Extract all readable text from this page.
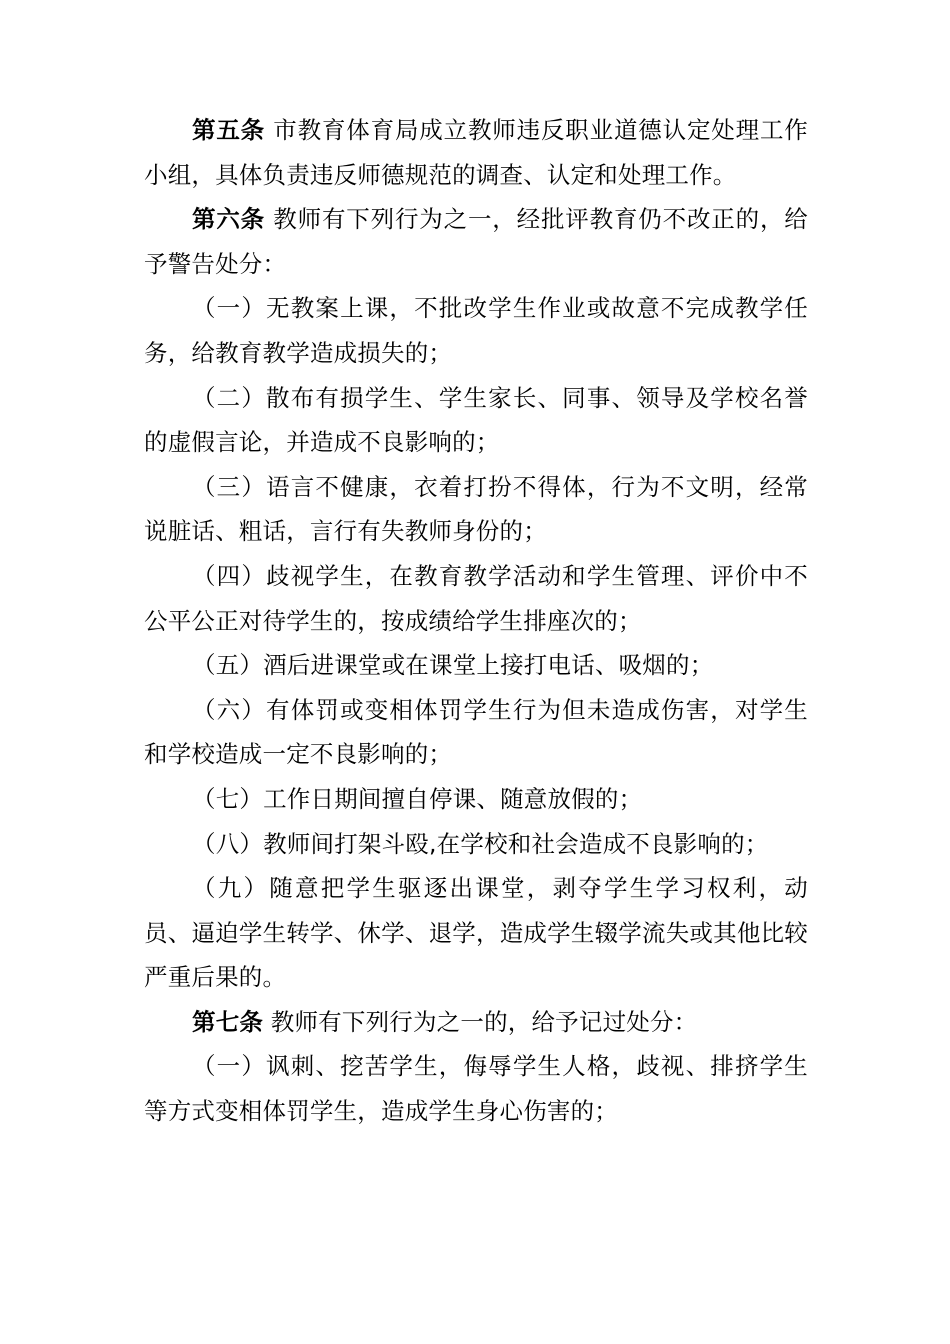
第五条 市教育体育局成立教师违反职业道德认定处理工作小组，具体负责违反师德规范的调查、认定和处理工作。

第六条 教师有下列行为之一，经批评教育仍不改正的，给予警告处分：

（一）无教案上课，不批改学生作业或故意不完成教学任务，给教育教学造成损失的；

（二）散布有损学生、学生家长、同事、领导及学校名誉的虚假言论，并造成不良影响的；

（三）语言不健康，衣着打扮不得体，行为不文明，经常说脏话、粗话，言行有失教师身份的；

（四）歧视学生，在教育教学活动和学生管理、评价中不公平公正对待学生的，按成绩给学生排座次的；

（五）酒后进课堂或在课堂上接打电话、吸烟的；

（六）有体罚或变相体罚学生行为但未造成伤害，对学生和学校造成一定不良影响的；

（七）工作日期间擅自停课、随意放假的；

（八）教师间打架斗殴,在学校和社会造成不良影响的；

（九）随意把学生驱逐出课堂，剥夺学生学习权利，动员、逼迫学生转学、休学、退学，造成学生辍学流失或其他比较严重后果的。

第七条 教师有下列行为之一的，给予记过处分：

（一）讽刺、挖苦学生，侮辱学生人格，歧视、排挤学生等方式变相体罚学生，造成学生身心伤害的；
